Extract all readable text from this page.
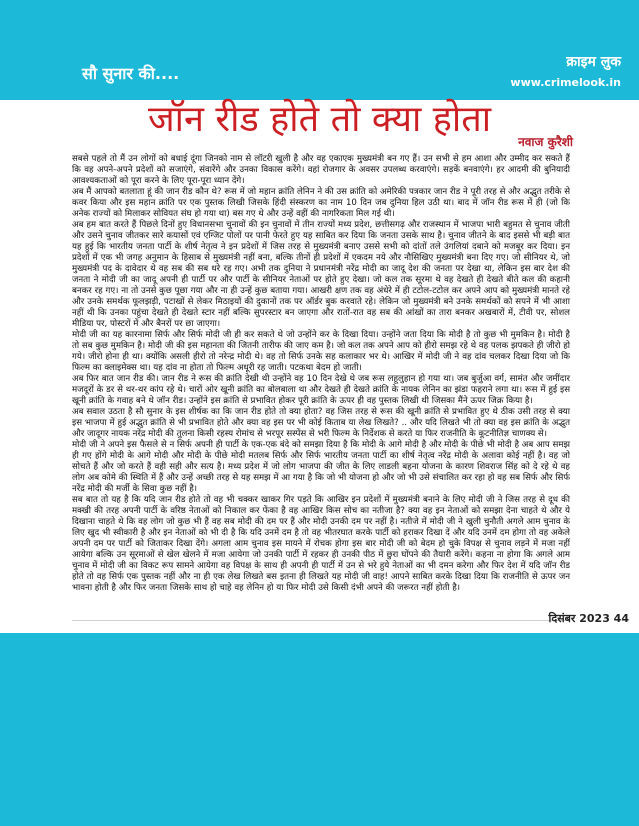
सौ सुनार की....
क्राइम लुक
www.crimelook.in
जॉन रीड होते तो क्या होता
नवाज कुरैशी

सबसे पहले तो मैं उन लोगों को बधाई दूंगा जिनको नाम से लॉटरी खुली है और वह एकाएक मुख्यमंत्री बन गए हैं। उन सभी से हम आशा और उम्मीद कर सकते हैं कि वह अपने-अपने प्रदेशों को सजाएंगे, संवारेंगे और उनका विकास करेंगे। वहां रोजगार के अवसर उपलब्ध करवाएंगे। सड़कें बनवाएंगे। हर आदमी की बुनियादी आवश्यकताओं को पूरा करने के लिए पूरा-पूरा ध्यान देंगे।

अब मैं आपको बतलाता हूं की जान रीड कौन थे? रूस में जो महान क्रांति लेनिन ने की उस क्रांति को अमेरिकी पत्रकार जान रीड ने पूरी तरह से और अद्भुत तरीके से कवर किया और इस महान क्रांति पर एक पुस्तक लिखी जिसके हिंदी संस्करण का नाम 10 दिन जब दुनिया हिल उठी था। बाद में जॉन रीड रूस में ही (जो कि अनेक राज्यों को मिलाकर सोवियत संघ हो गया था) बस गए थे और उन्हें वहीं की नागरिकता मिल गई थी।

अब हम बात करते हैं पिछले दिनों हुए विधानसभा चुनावों की इन चुनावों में तीन राज्यों मध्य प्रदेश, छत्तीसगढ़ और राजस्थान में भाजपा भारी बहुमत से चुनाव जीती और उसने चुनाव जीतकर सारे कयासों एवं एग्जिट पोलों पर पानी फेरते हुए यह साबित कर दिया कि जनता उसके साथ है। चुनाव जीतने के बाद इससे भी बड़ी बात यह हुई कि भारतीय जनता पार्टी के शीर्ष नेतृत्व ने इन प्रदेशों में जिस तरह से मुख्यमंत्री बनाए उससे सभी को दांतों तले उंगलियां दबाने को मजबूर कर दिया। इन प्रदेशों में एक भी जगह अनुमान के हिसाब से मुख्यमंत्री नहीं बना, बल्कि तीनों ही प्रदेशों में एकदम नये और नौसिखिए मुख्यमंत्री बना दिए गए। जो सीनियर थे, जो मुख्यमंत्री पद के दावेदार थे वह सब की सब धरे रह गए। अभी तक दुनिया ने प्रधानमंत्री नरेंद्र मोदी का जादू देश की जनता पर देखा था, लेकिन इस बार देश की जनता ने मोदी जी का जादू अपनी ही पार्टी पर और पार्टी के सीनियर नेताओं पर होते हुए देखा। जो कल तक सूरमा थे वह देखते ही देखते बीते कल की कहानी बनकर रह गए। ना तो उनसे कुछ पूछा गया और ना ही उन्हें कुछ बताया गया। आखरी क्षण तक वह अंधेरे में ही टटोल-टटोल कर अपने आप को मुख्यमंत्री मानते रहे और उनके समर्थक फूलझड़ी, पटाखों से लेकर मिठाइयों की दुकानों तक पर ऑर्डर बुक करवाते रहे। लेकिन जो मुख्यमंत्री बने उनके समर्थकों को सपने में भी आशा नहीं थी कि उनका पहुंचा देखते ही देखते स्टार नहीं बल्कि सुपरस्टार बन जाएगा और रातों-रात वह सब की आंखों का तारा बनकर अखबारों में, टीवी पर, सोशल मीडिया पर, पोस्टरों में और बैनरों पर छा जाएगा।

मोदी जी का यह कारनामा सिर्फ और सिर्फ मोदी जी ही कर सकते थे जो उन्होंने कर के दिखा दिया। उन्होंने जता दिया कि मोदी है तो कुछ भी मुमकिन है। मोदी है तो सब कुछ मुमकिन है। मोदी जी की इस महानता की जितनी तारीफ की जाए कम है। जो कल तक अपने आप को हीरो समझ रहे थे वह पलक झपकते ही जीरो हो गये। जीरो होना ही था। क्योंकि असली हीरो तो नरेन्द्र मोदी थे। वह तो सिर्फ उनके सह कलाकार भर थे। आखिर में मोदी जी ने वह दांव चलकर दिखा दिया जो कि फिल्म का क्लाइमेक्स था। यह दांव ना होता तो फिल्म अधूरी रह जाती। पटकथा बेदम हो जाती।

अब फिर बात जान रीड की। जान रीड ने रूस की क्रांति देखी थी उन्होंने वह 10 दिन देखे थे जब रूस लहूलुहान हो गया था। जब बुर्जुआ वर्ग, सामंत और जमींदार मजदूरों के डर से थर-थर कांप रहे थे। चारों ओर खूनी क्रांति का बोलबाला था और देखते ही देखते क्रांति के नायक लेनिन का झंडा फहराने लगा था। रूस में हुई इस खूनी क्रांति के गवाह बने थे जॉन रीड। उन्होंने इस क्रांति से प्रभावित होकर पूरी क्रांति के ऊपर ही वह पुस्तक लिखी थी जिसका मैंने ऊपर जिक्र किया है।

अब सवाल उठता है सौ सुनार के इस शीर्षक का कि जान रीड होते तो क्या होता? वह जिस तरह से रूस की खूनी क्रांति से प्रभावित हुए थे ठीक उसी तरह से क्या इस भाजपा में हुई अद्भुत क्रांति से भी प्रभावित होते और क्या वह इस पर भी कोई किताब या लेख लिखते? .. और यदि लिखते भी तो क्या वह इस क्रांति के अद्भुत और जादूगर नायक नरेंद्र मोदी की तुलना किसी रहस्य रोमांच से भरपूर सस्पेंस से भरी फिल्म के निर्देशक से करते या फिर राजनीति के कूटनीतिज्ञ चाणक्य से।

मोदी जी ने अपने इस फैसले से न सिर्फ अपनी ही पार्टी के एक-एक बंदे को समझा दिया है कि मोदी के आगे मोदी है और मोदी के पीछे भी मोदी है अब आप समझ ही गए होंगे मोदी के आगे मोदी और मोदी के पीछे मोदी मतलब सिर्फ और सिर्फ भारतीय जनता पार्टी का शीर्ष नेतृत्व नरेंद्र मोदी के अलावा कोई नहीं है। वह जो सोचते हैं और जो करते हैं वही सही और सत्य है। मध्य प्रदेश में जो लोग भाजपा की जीत के लिए लाडली बहना योजना के कारण शिवराज सिंह को दे रहे थे वह लोग अब कोमे की स्थिति में हैं और उन्हें अच्छी तरह से यह समझ में आ गया है कि जो भी योजना हो और जो भी उसे संचालित कर रहा हो वह सब सिर्फ और सिर्फ नरेंद्र मोदी की मर्जी के सिवा कुछ नहीं है।

सब बात तो यह है कि यदि जान रीड होते तो वह भी चक्कर खाकर गिर पड़ते कि आखिर इन प्रदेशों में मुख्यमंत्री बनाने के लिए मोदी जी ने जिस तरह से दूध की मक्खी की तरह अपनी पार्टी के वरिष्ठ नेताओं को निकाल कर फेंका है वह आखिर किस सोच का नतीजा है? क्या वह इन नेताओं को समझा देना चाहते थे और ये दिखाना चाहते थे कि वह लोग जो कुछ भी हैं वह सब मोदी की दम पर हैं और मोदी उनकी दम पर नहीं है। नतीजे में मोदी जी ने खुली चुनौती अगले आम चुनाव के लिए खुद भी स्वीकारी है और इन नेताओं को भी दी है कि यदि उनमें दम है तो वह भीतरघात करके पार्टी को हराकर दिखा दें और यदि उनमें दम होगा तो वह अकेले अपनी दम पर पार्टी को जिताकर दिखा देंगे। अगला आम चुनाव इस मायने में रोचक होगा इस बार मोदी जी को बेदम हो चुके विपक्ष से चुनाव लड़ने में मजा नहीं आयेगा बल्कि उन सूरमाओं से खेल खेलने में मजा आयेगा जो उनकी पार्टी में रहकर ही उनकी पीठ में छुरा घोंपने की तैयारी करेंगे। कहना ना होगा कि अगले आम चुनाव में मोदी जी का विकट रूप सामने आयेगा वह विपक्ष के साथ ही अपनी ही पार्टी में उन से भरे हुये नेताओं का भी दमन करेगा और फिर देश में यदि जॉन रीड होते तो वह सिर्फ एक पुस्तक नहीं और ना ही एक लेख लिखते बस इतना ही लिखते यह मोदी जी वाह! आपने साबित करके दिखा दिया कि राजनीति से ऊपर जन भावना होती है और फिर जनता जिसके साथ हो चाहे वह लेनिन हो या फिर मोदी उसे किसी दंभी अपने की जरूरत नहीं होती है।

दिसंबर 2023 44
